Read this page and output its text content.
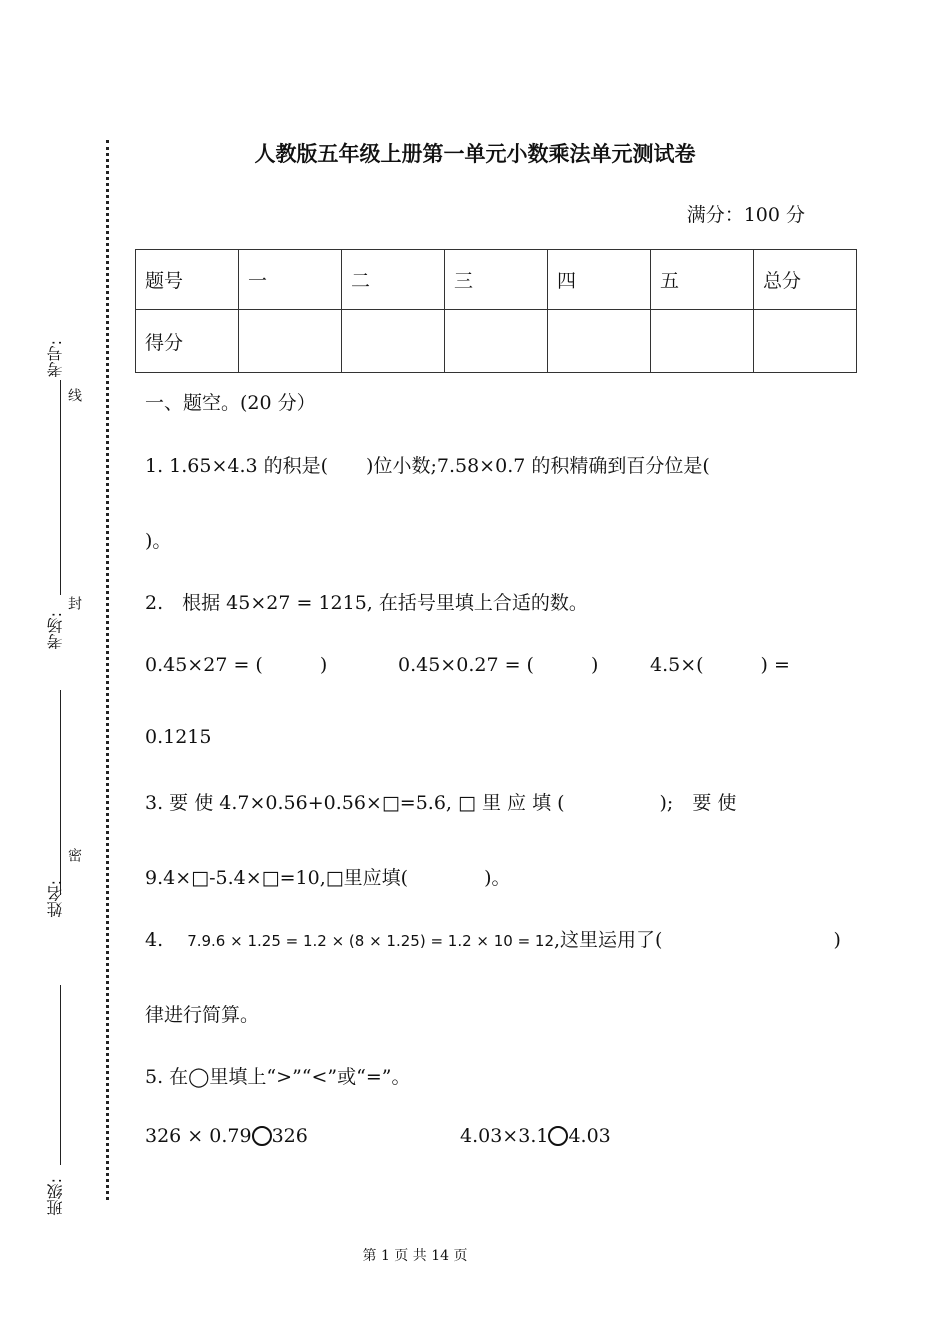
考号:
线
考场:
封
姓名:
密
班级:
人教版五年级上册第一单元小数乘法单元测试卷
满分：100 分
题号	一	二	三	四	五	总分
得分						
一、题空。(20 分）
1. 1.65×4.3 的积是(　　)位小数;7.58×0.7 的积精确到百分位是(
)。
2.　根据 45×27 = 1215, 在括号里填上合适的数。
0.45×27 = (　　　)	0.45×0.27 = (　　　)	4.5×(　　　) =
0.1215
3. 要 使 4.7×0.56+0.56×□=5.6, □ 里 应 填 (　　　　　);　要 使
9.4×□-5.4×□=10,□里应填(　　　　)。
4. 7.9.6 × 1.25 = 1.2 × (8 × 1.25) = 1.2 × 10 = 12,这里运用了(　　　　　　　　　)
律进行简算。
5. 在◯里填上“>”“<”或“=”。
326 × 0.79 326	4.03×3.1 4.03
第 1 页 共 14 页
